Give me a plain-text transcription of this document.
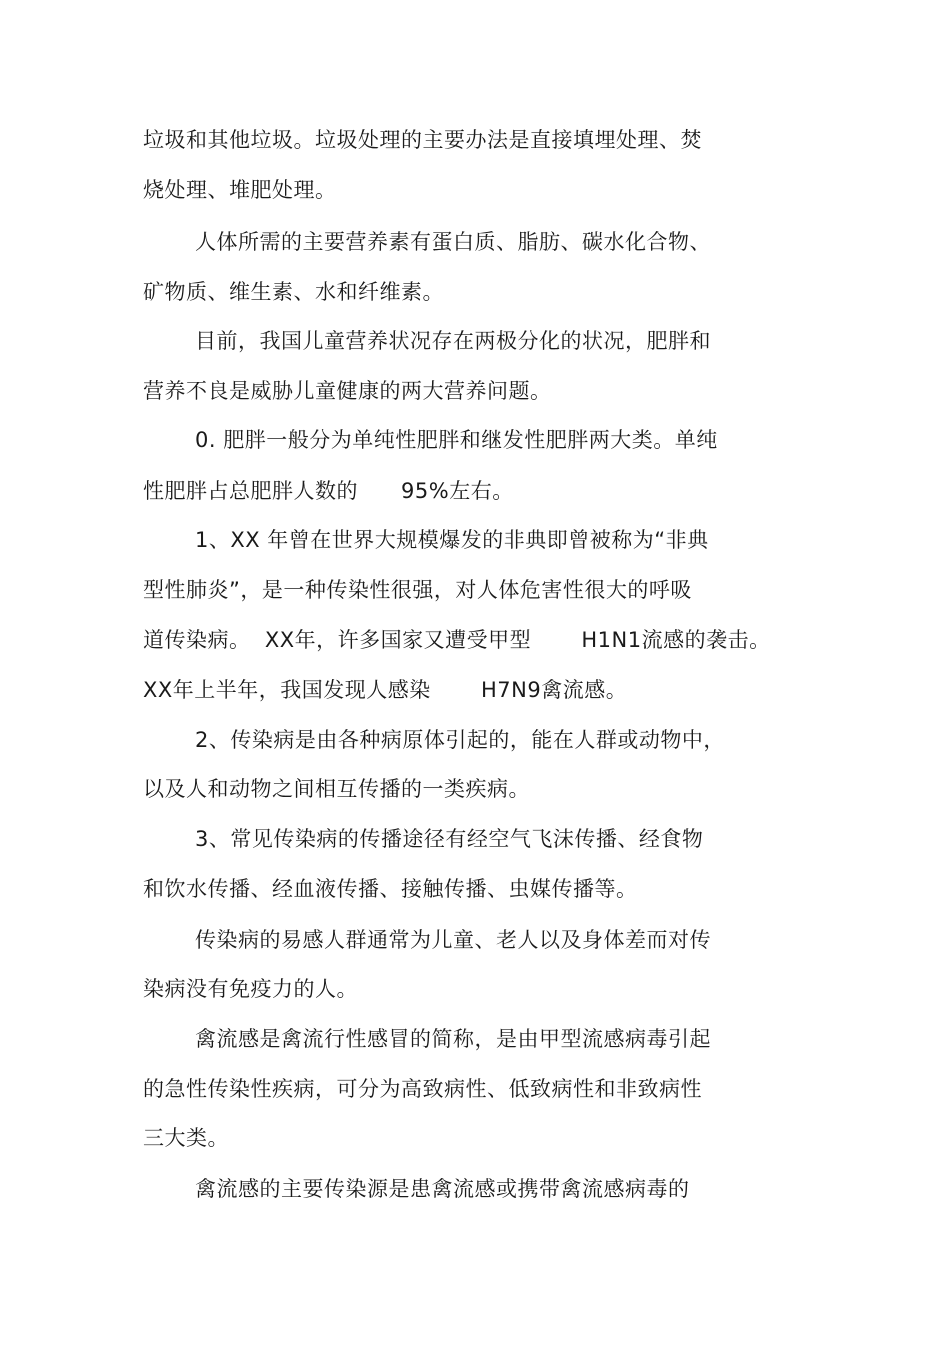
垃圾和其他垃圾。垃圾处理的主要办法是直接填埋处理、焚
烧处理、堆肥处理。
人体所需的主要营养素有蛋白质、脂肪、碳水化合物、
矿物质、维生素、水和纤维素。
目前，我国儿童营养状况存在两极分化的状况，肥胖和
营养不良是威胁儿童健康的两大营养问题。
0. 肥胖一般分为单纯性肥胖和继发性肥胖两大类。单纯
性肥胖占总肥胖人数的      95%左右。
1、XX 年曾在世界大规模爆发的非典即曾被称为“非典
型性肺炎”，是一种传染性很强，对人体危害性很大的呼吸
道传染病。  XX年，许多国家又遭受甲型       H1N1流感的袭击。
XX年上半年，我国发现人感染       H7N9禽流感。
2、传染病是由各种病原体引起的，能在人群或动物中，
以及人和动物之间相互传播的一类疾病。
3、常见传染病的传播途径有经空气飞沫传播、经食物
和饮水传播、经血液传播、接触传播、虫媒传播等。
传染病的易感人群通常为儿童、老人以及身体差而对传
染病没有免疫力的人。
禽流感是禽流行性感冒的简称，是由甲型流感病毒引起
的急性传染性疾病，可分为高致病性、低致病性和非致病性
三大类。
禽流感的主要传染源是患禽流感或携带禽流感病毒的
